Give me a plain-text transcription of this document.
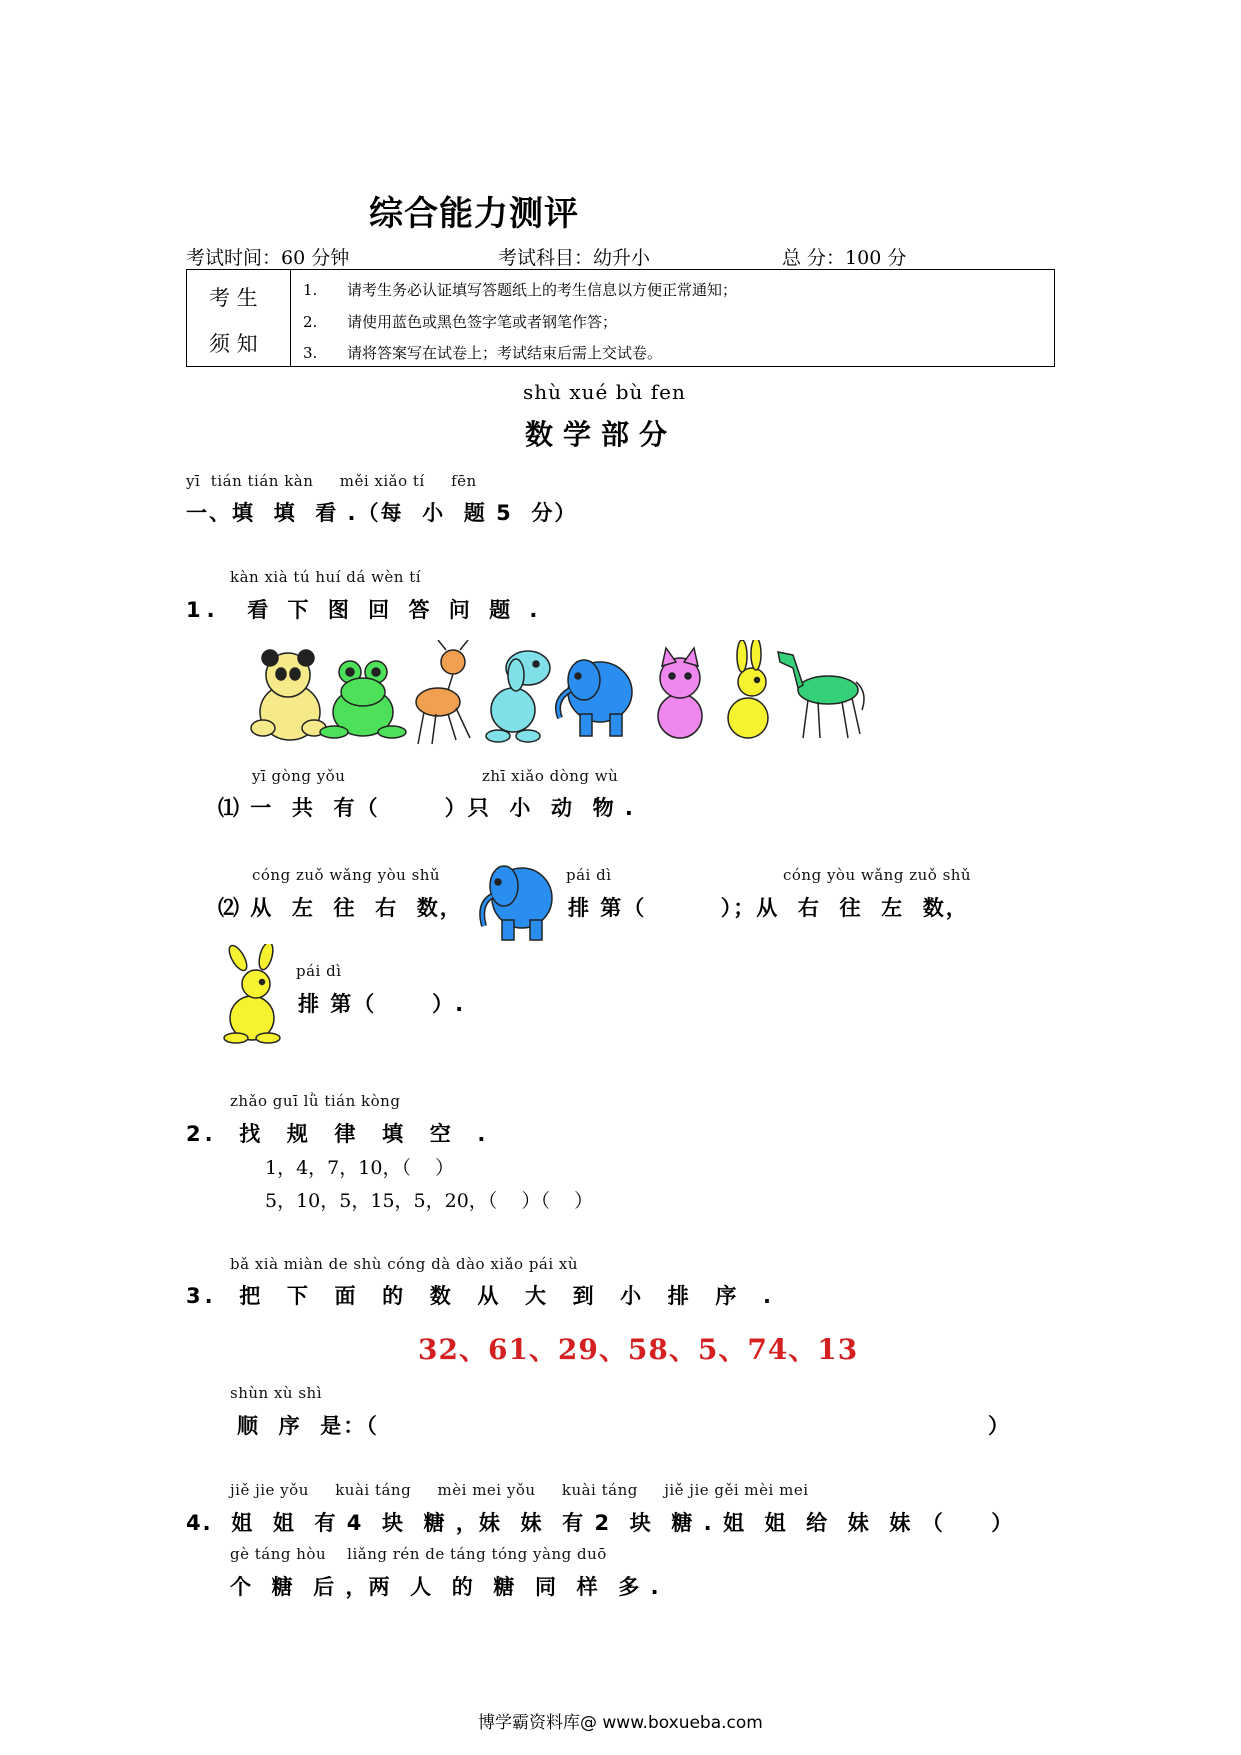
综合能力测评
考试时间：60 分钟	考试科目：幼升小	总 分：100 分
考 生
须 知
1. 请考生务必认证填写答题纸上的考生信息以方便正常通知；
2. 请使用蓝色或黑色签字笔或者钢笔作答；
3. 请将答案写在试卷上；考试结束后需上交试卷。
shù xué bù fen
数学部分
yī  tián tián kàn     měi xiǎo tí     fēn
一、填  填  看 .（每  小  题 5  分）
kàn xià tú huí dá wèn tí
1.  看 下 图 回 答 问 题 .
yī gòng yǒu	zhī xiǎo dòng wù
⑴ 一  共  有（       ）只  小  动  物 .
cóng zuǒ wǎng yòu shǔ	pái dì	cóng yòu wǎng zuǒ shǔ
⑵ 从  左  往  右  数，	排 第（        ）；从  右  往  左  数，
pái dì
排 第（      ）.
zhǎo guī lǜ tián kòng
2.  找  规  律  填  空  .
1，4，7，10，（    ）
5，10，5，15，5，20，（    ）（    ）
bǎ xià miàn de shù cóng dà dào xiǎo pái xù
3.  把  下  面  的  数  从  大  到  小  排  序  .
32、61、29、58、5、74、13
shùn xù shì
顺  序  是：（	）
jiě jie yǒu     kuài táng     mèi mei yǒu     kuài táng     jiě jie gěi mèi mei
4.  姐  姐  有 4  块  糖 ，妹  妹  有 2  块  糖 . 姐  姐  给  妹  妹 （     ）
gè táng hòu    liǎng rén de táng tóng yàng duō
个  糖  后 ，两  人  的  糖  同  样  多 .
博学霸资料库@ www.boxueba.com
